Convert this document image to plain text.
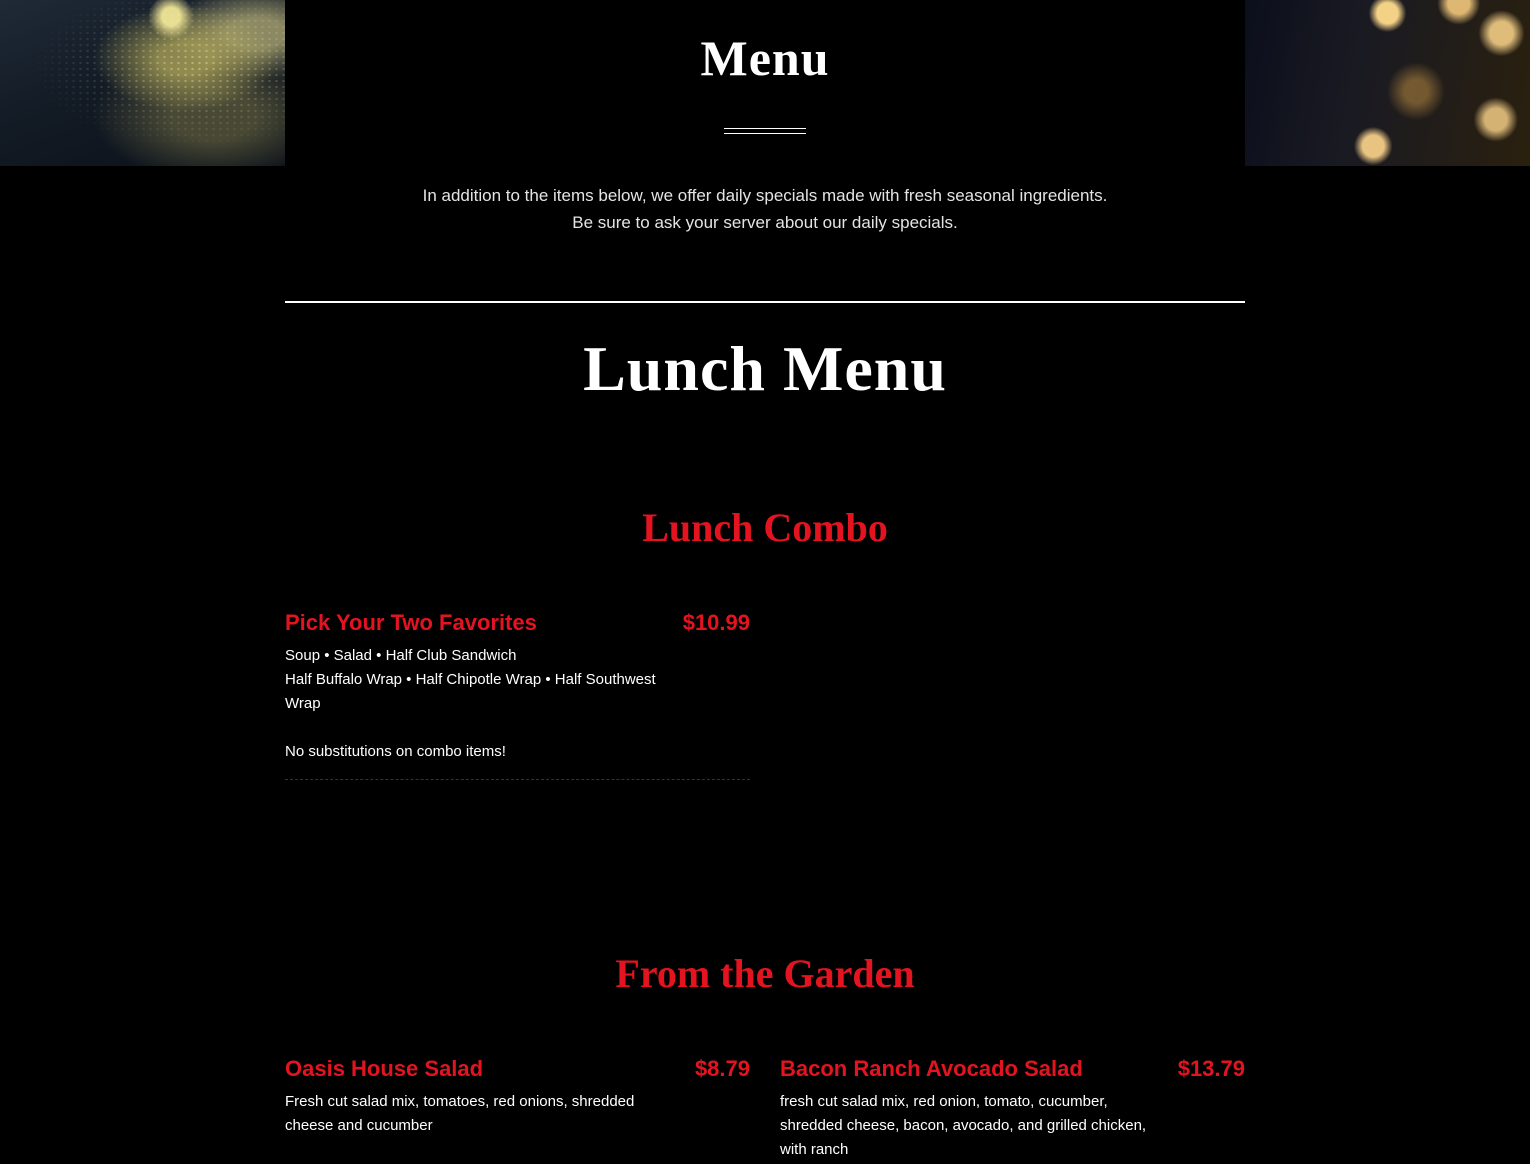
Menu

In addition to the items below, we offer daily specials made with fresh seasonal ingredients.

Be sure to ask your server about our daily specials.

Lunch Menu
Lunch Combo
Pick Your Two Favorites	$10.99

Soup • Salad • Half Club Sandwich

Half Buffalo Wrap • Half Chipotle Wrap • Half Southwest Wrap

No substitutions on combo items!
From the Garden
Oasis House Salad	$8.79

Fresh cut salad mix, tomatoes, red onions, shredded cheese and cucumber

Bacon Ranch Avocado Salad	$13.79

fresh cut salad mix, red onion, tomato, cucumber, shredded cheese, bacon, avocado, and grilled chicken, with ranch
